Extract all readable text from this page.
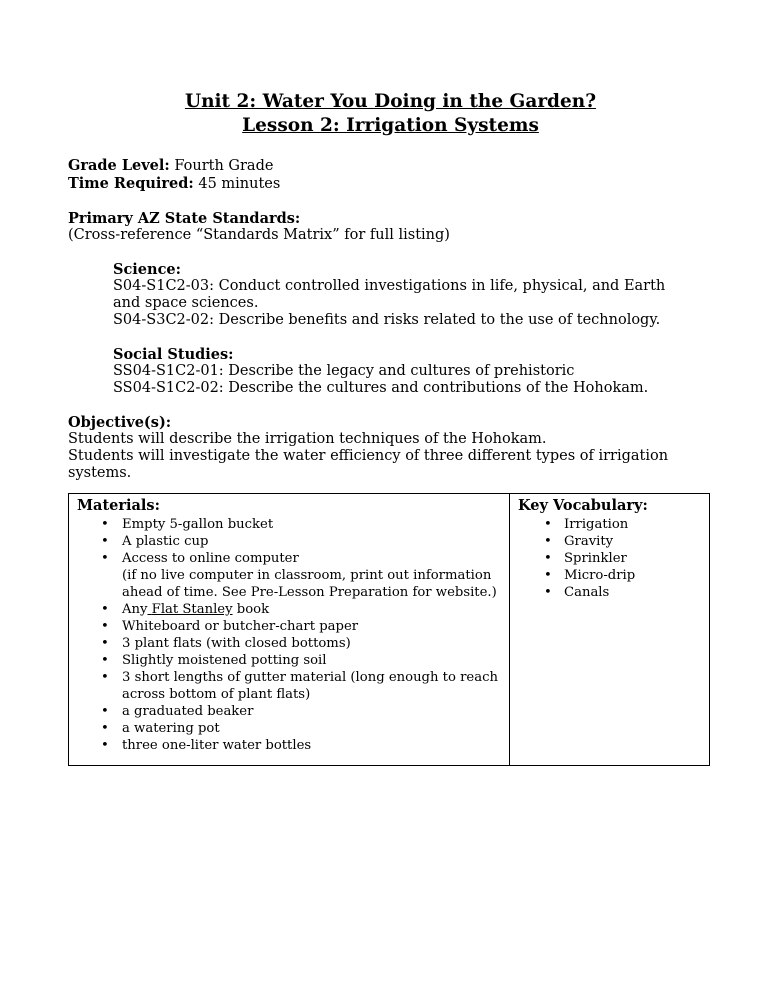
Unit 2: Water You Doing in the Garden?
Lesson 2: Irrigation Systems
Grade Level: Fourth Grade
Time Required: 45 minutes
Primary AZ State Standards:
(Cross-reference “Standards Matrix” for full listing)
Science:
S04-S1C2-03: Conduct controlled investigations in life, physical, and Earth
and space sciences.
S04-S3C2-02: Describe benefits and risks related to the use of technology.
Social Studies:
SS04-S1C2-01: Describe the legacy and cultures of prehistoric
SS04-S1C2-02: Describe the cultures and contributions of the Hohokam.
Objective(s):
Students will describe the irrigation techniques of the Hohokam.
Students will investigate the water efficiency of three different types of irrigation
systems.
Materials:
• Empty 5-gallon bucket
• A plastic cup
• Access to online computer
(if no live computer in classroom, print out information
ahead of time. See Pre-Lesson Preparation for website.)
• Any Flat Stanley book
• Whiteboard or butcher-chart paper
• 3 plant flats (with closed bottoms)
• Slightly moistened potting soil
• 3 short lengths of gutter material (long enough to reach
across bottom of plant flats)
• a graduated beaker
• a watering pot
• three one-liter water bottles

Key Vocabulary:
• Irrigation
• Gravity
• Sprinkler
• Micro-drip
• Canals
